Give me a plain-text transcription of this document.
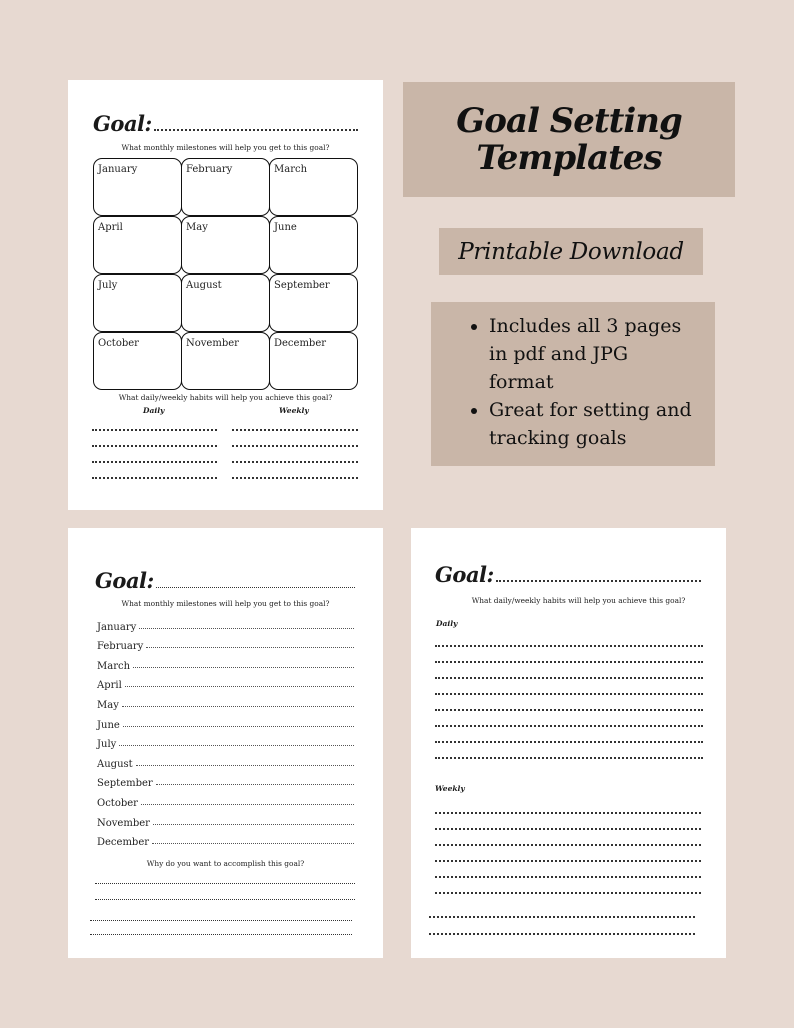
Goal:
What monthly milestones will help you get to this goal?
January	February	March
April	May	June
July	August	September
October	November	December
What daily/weekly habits will help you achieve this goal?
Daily	Weekly
Goal:
What monthly milestones will help you get to this goal?
January
February
March
April
May
June
July
August
September
October
November
December
Why do you want to accomplish this goal?
Goal:
What daily/weekly habits will help you achieve this goal?
Daily
Weekly
Goal Setting
Templates
Printable Download
• Includes all 3 pages in pdf and JPG format
• Great for setting and tracking goals
